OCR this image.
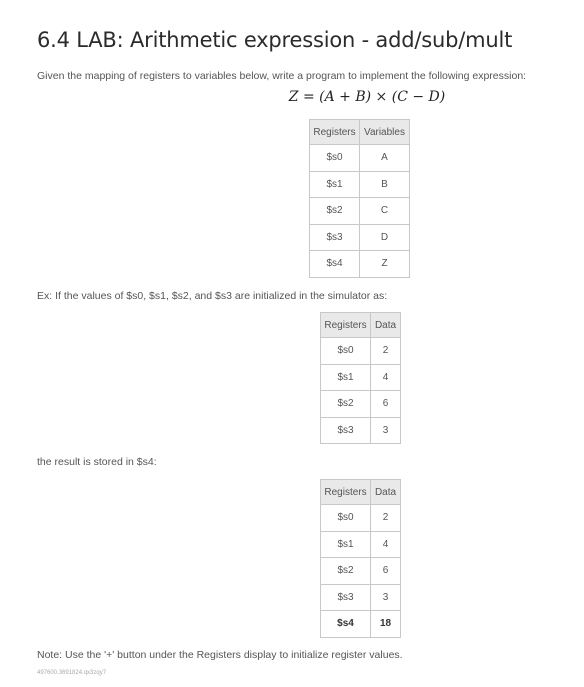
6.4 LAB: Arithmetic expression - add/sub/mult

Given the mapping of registers to variables below, write a program to implement the following expression:

Z = (A + B) × (C − D)
Registers	Variables
$s0	A
$s1	B
$s2	C
$s3	D
$s4	Z

Ex: If the values of $s0, $s1, $s2, and $s3 are initialized in the simulator as:

Registers	Data
$s0	2
$s1	4
$s2	6
$s3	3

the result is stored in $s4:

Registers	Data
$s0	2
$s1	4
$s2	6
$s3	3
$s4	18

Note: Use the '+' button under the Registers display to initialize register values.

497600.3691824.qx3zqy7
